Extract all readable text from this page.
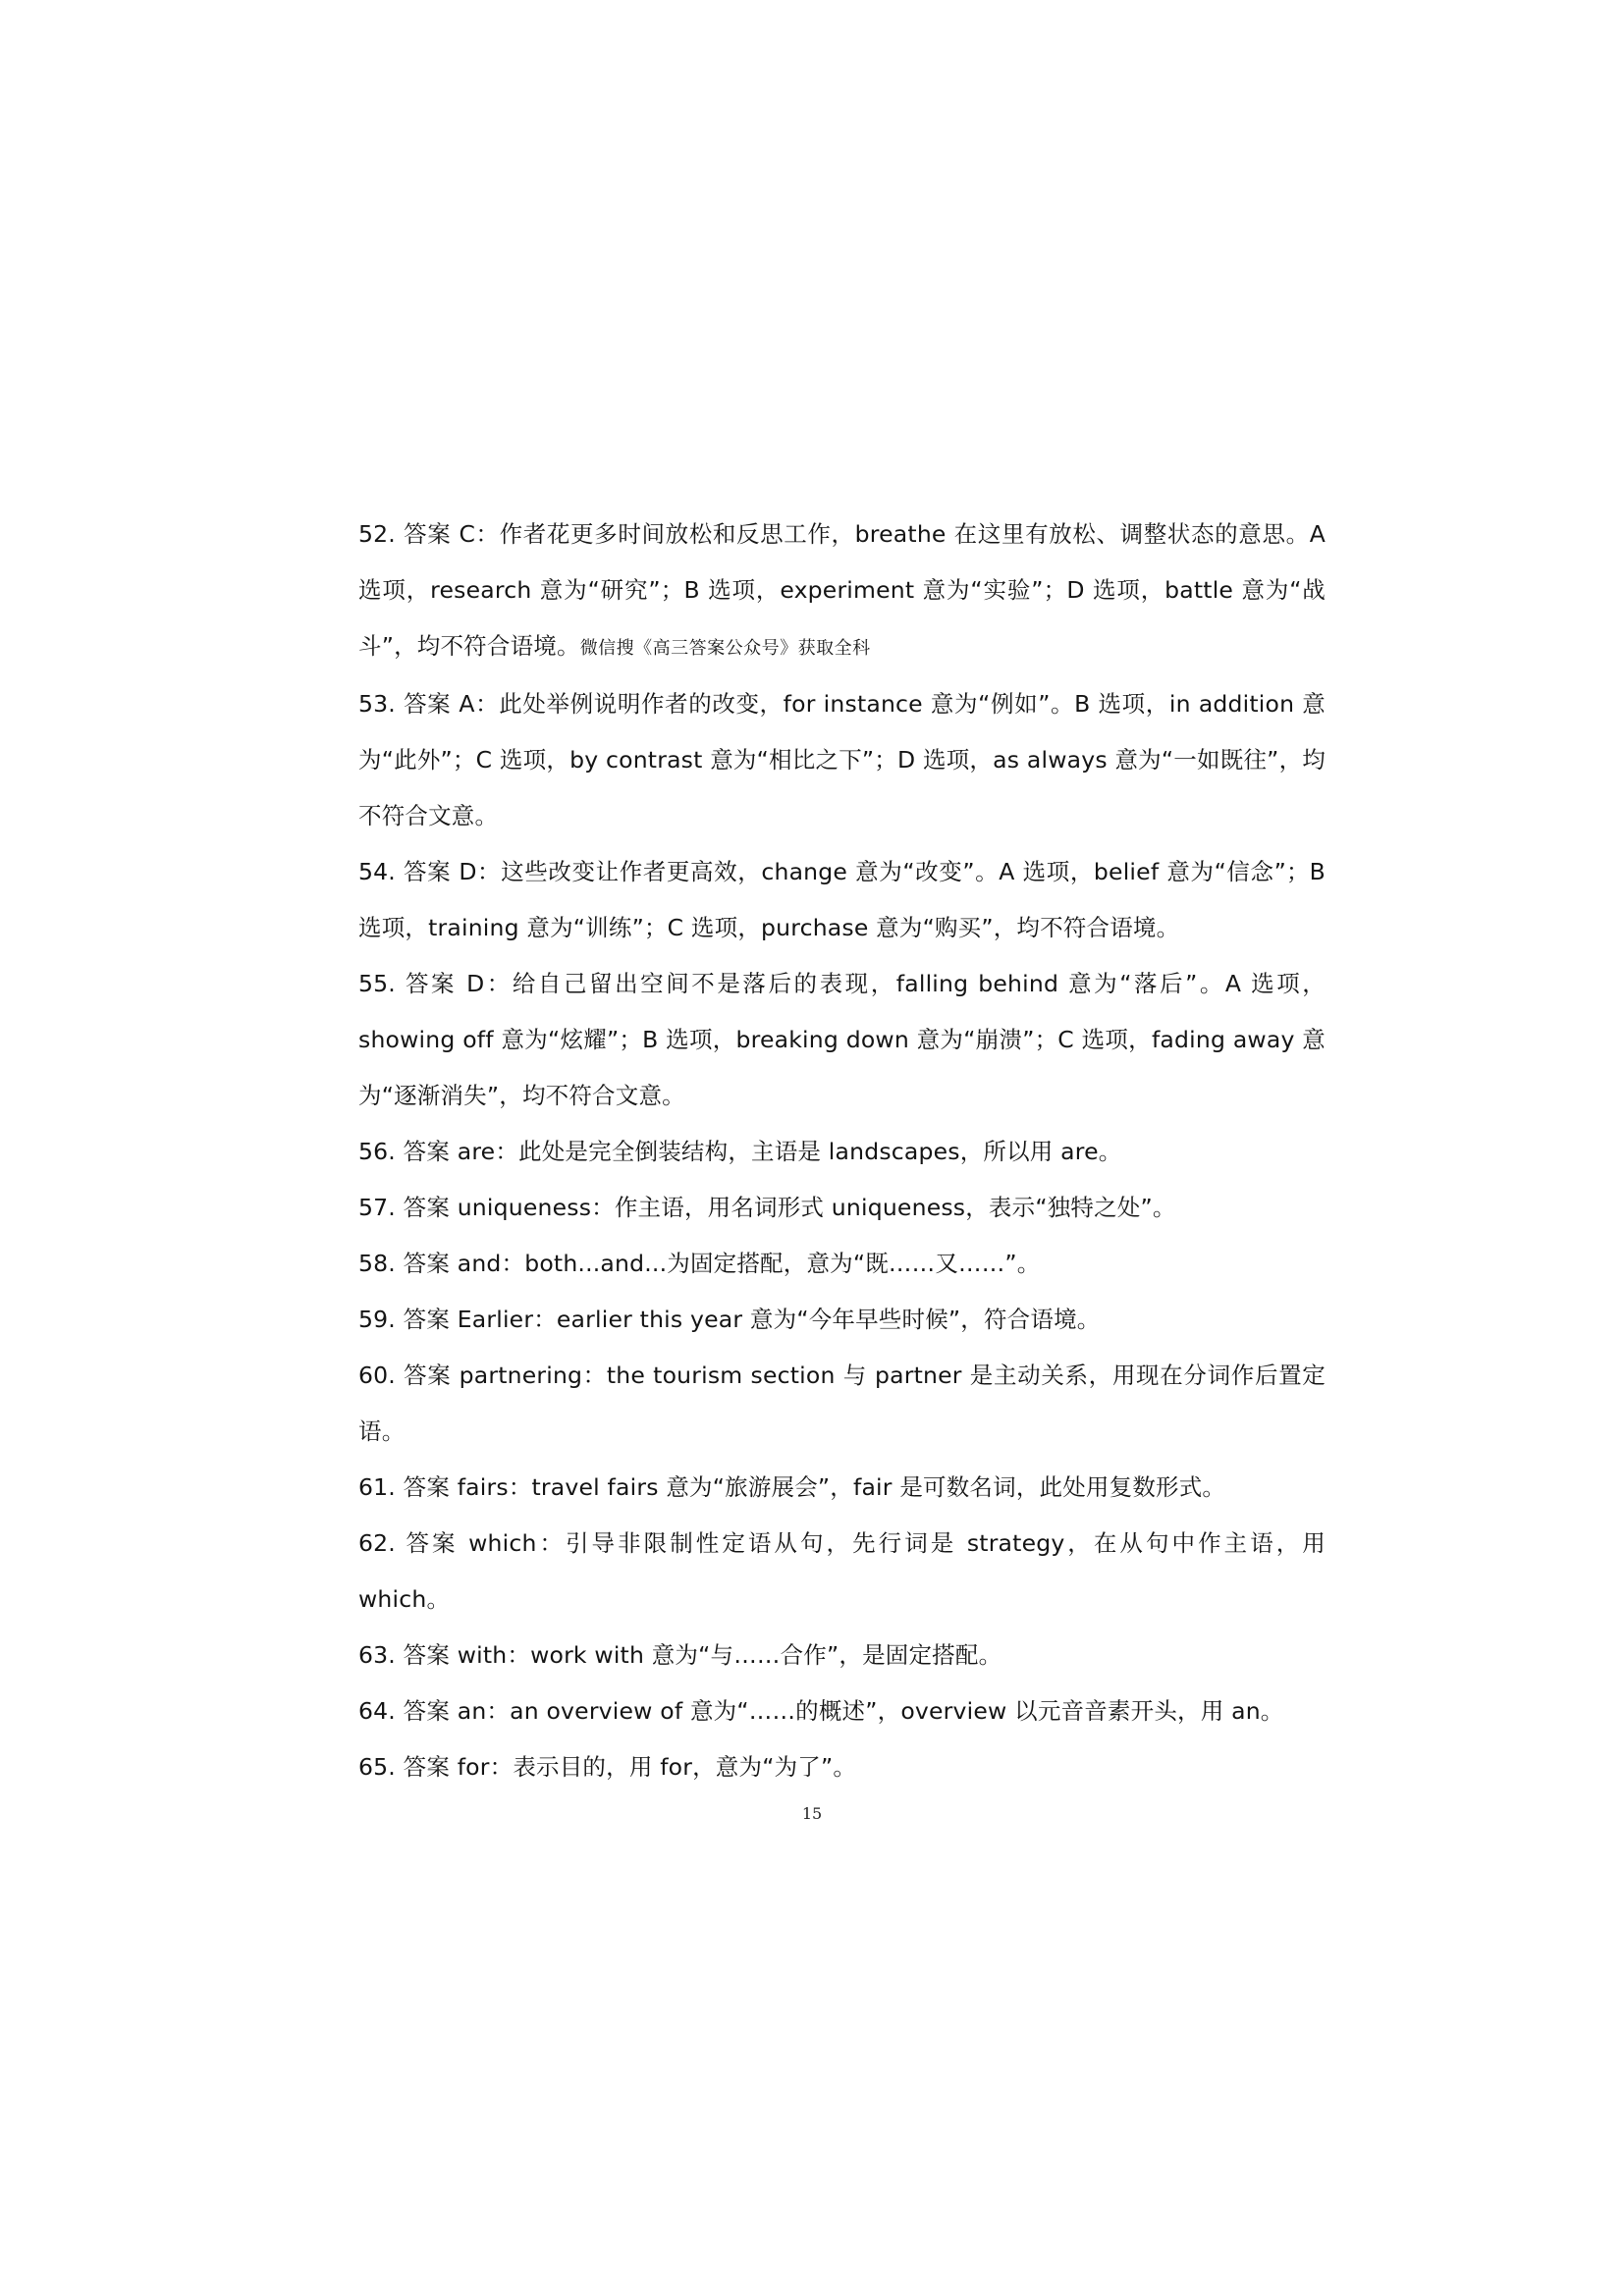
52. 答案 C：作者花更多时间放松和反思工作，breathe 在这里有放松、调整状态的意思。A 选项，research 意为“研究”；B 选项，experiment 意为“实验”；D 选项，battle 意为“战斗”，均不符合语境。微信搜《高三答案公众号》获取全科

53. 答案 A：此处举例说明作者的改变，for instance 意为“例如”。B 选项，in addition 意为“此外”；C 选项，by contrast 意为“相比之下”；D 选项，as always 意为“一如既往”，均不符合文意。

54. 答案 D：这些改变让作者更高效，change 意为“改变”。A 选项，belief 意为“信念”；B 选项，training 意为“训练”；C 选项，purchase 意为“购买”，均不符合语境。

55. 答案 D：给自己留出空间不是落后的表现，falling behind 意为“落后”。A 选项，showing off 意为“炫耀”；B 选项，breaking down 意为“崩溃”；C 选项，fading away 意为“逐渐消失”，均不符合文意。

56. 答案 are：此处是完全倒装结构，主语是 landscapes，所以用 are。

57. 答案 uniqueness：作主语，用名词形式 uniqueness，表示“独特之处”。

58. 答案 and：both...and...为固定搭配，意为“既……又……”。

59. 答案 Earlier：earlier this year 意为“今年早些时候”，符合语境。

60. 答案 partnering：the tourism section 与 partner 是主动关系，用现在分词作后置定语。

61. 答案 fairs：travel fairs 意为“旅游展会”，fair 是可数名词，此处用复数形式。

62. 答案 which：引导非限制性定语从句，先行词是 strategy，在从句中作主语，用 which。

63. 答案 with：work with 意为“与……合作”，是固定搭配。

64. 答案 an：an overview of 意为“……的概述”，overview 以元音音素开头，用 an。

65. 答案 for：表示目的，用 for，意为“为了”。

15
